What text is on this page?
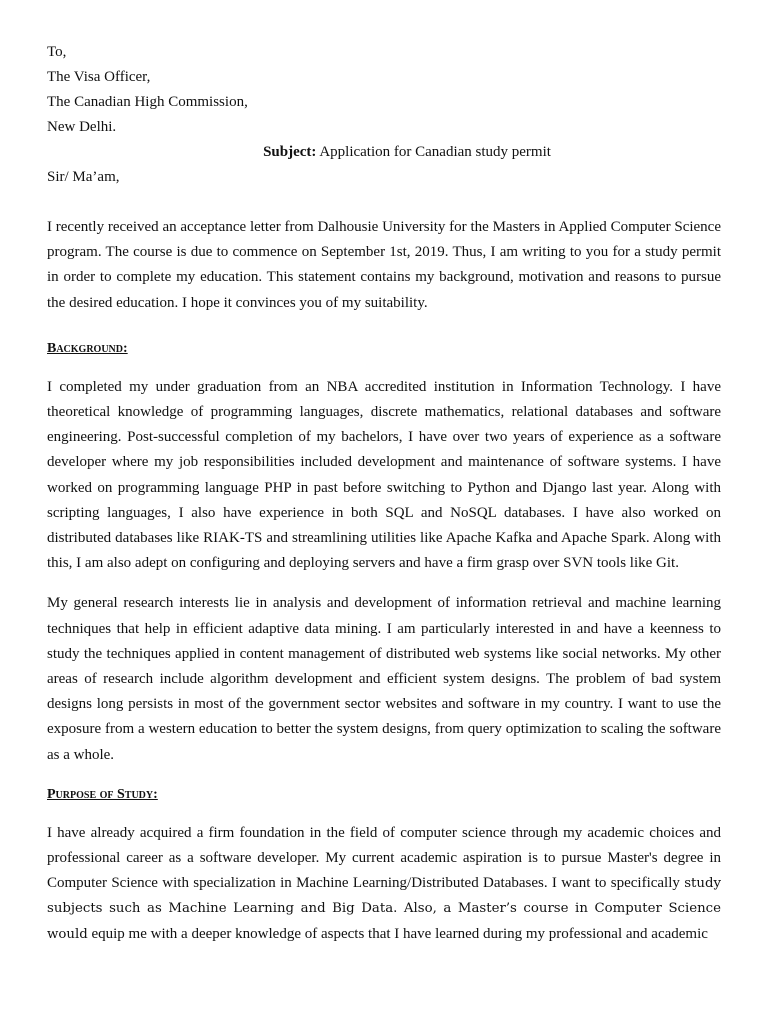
To,
The Visa Officer,
The Canadian High Commission,
New Delhi.
Subject: Application for Canadian study permit
Sir/ Ma’am,

I recently received an acceptance letter from Dalhousie University for the Masters in Applied Computer Science program. The course is due to commence on September 1st, 2019. Thus, I am writing to you for a study permit in order to complete my education. This statement contains my background, motivation and reasons to pursue the desired education. I hope it convinces you of my suitability.

Background:

I completed my under graduation from an NBA accredited institution in Information Technology. I have theoretical knowledge of programming languages, discrete mathematics, relational databases and software engineering. Post-successful completion of my bachelors, I have over two years of experience as a software developer where my job responsibilities included development and maintenance of software systems. I have worked on programming language PHP in past before switching to Python and Django last year. Along with scripting languages, I also have experience in both SQL and NoSQL databases. I have also worked on distributed databases like RIAK-TS and streamlining utilities like Apache Kafka and Apache Spark. Along with this, I am also adept on configuring and deploying servers and have a firm grasp over SVN tools like Git.

My general research interests lie in analysis and development of information retrieval and machine learning techniques that help in efficient adaptive data mining. I am particularly interested in and have a keenness to study the techniques applied in content management of distributed web systems like social networks. My other areas of research include algorithm development and efficient system designs. The problem of bad system designs long persists in most of the government sector websites and software in my country. I want to use the exposure from a western education to better the system designs, from query optimization to scaling the software as a whole.

Purpose of Study:

I have already acquired a firm foundation in the field of computer science through my academic choices and professional career as a software developer. My current academic aspiration is to pursue Master's degree in Computer Science with specialization in Machine Learning/Distributed Databases. I want to specifically study subjects such as Machine Learning and Big Data. Also, a Master’s course in Computer Science would equip me with a deeper knowledge of aspects that I have learned during my professional and academic
